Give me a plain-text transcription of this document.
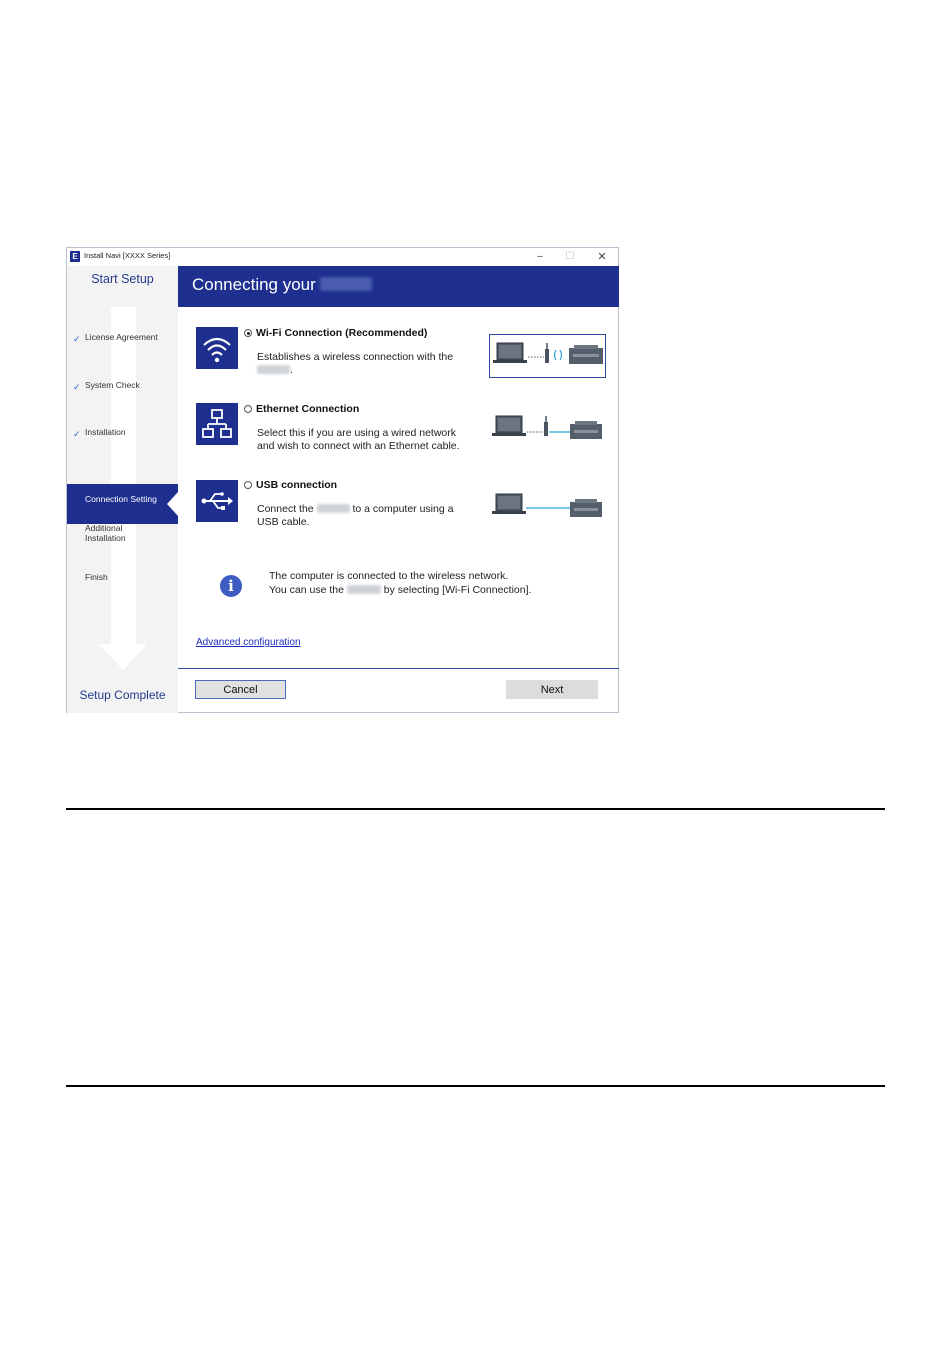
E Install Navi [XXXX Series]	–	☐	✕
Start Setup
✓ License Agreement
✓ System Check
✓ Installation
Connection Setting
Additional
Installation
Finish
Setup Complete
Connecting your
Wi-Fi Connection (Recommended)
Establishes a wireless connection with the
.
Ethernet Connection
Select this if you are using a wired network
and wish to connect with an Ethernet cable.
USB connection
Connect the	to a computer using a
USB cable.
i
The computer is connected to the wireless network.
You can use the	by selecting [Wi-Fi Connection].
Advanced configuration
Cancel	Next
